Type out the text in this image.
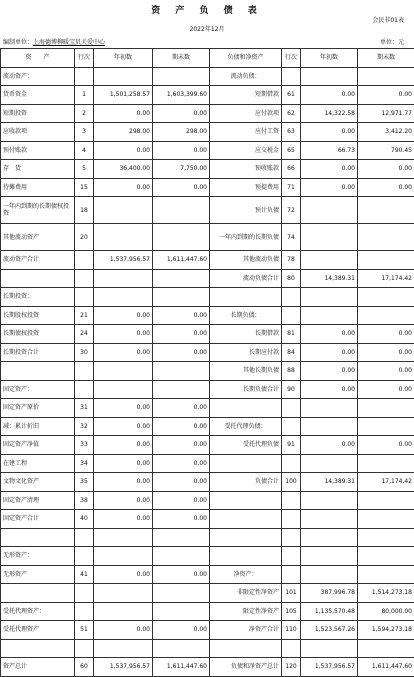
资 产 负 债 表
会民非01表
2022年12月
编制单位：上海德博柳暖宝贝关爱中心	单位：元
资　　产	行次	年初数	期末数	负债和净资产	行次	年初数	期末数
流动资产：				流动负债：			
货币资金	1	1,501,258.57	1,603,399.60	短期借款	61	0.00	0.00
短期投资	2	0.00	0.00	应付款项	62	14,322.58	12,971.77
应收款项	3	298.00	298.00	应付工资	63	0.00	3,412.20
预付账款	4	0.00	0.00	应交税金	65	66.73	790.45
存　货	5	36,400.00	7,750.00	预收账款	66	0.00	0.00
待摊费用	15	0.00	0.00	预提费用	71	0.00	0.00
一年内到期的长期债权投资	18			预计负债	72		
其他流动资产	20			一年内到期的长期负债	74		
流动资产合计		1,537,956.57	1,611,447.60	其他流动负债	78		
				流动负债合计	80	14,389.31	17,174.42
长期投资：							
长期股权投资	21	0.00	0.00	长期负债：			
长期债权投资	24	0.00	0.00	长期借款	81	0.00	0.00
长期投资合计	30	0.00	0.00	长期应付款	84	0.00	0.00
				其他长期负债	88	0.00	0.00
固定资产：				长期负债合计	90	0.00	0.00
固定资产原价	31	0.00	0.00				
减：累计折旧	32	0.00	0.00	受托代理负债：			
固定资产净值	33	0.00	0.00	受托代理负债	91	0.00	0.00
在建工程	34	0.00	0.00				
文物文化资产	35	0.00	0.00	负债合计	100	14,389.31	17,174.42
固定资产清理	38	0.00	0.00				
固定资产合计	40	0.00	0.00				

无形资产：							
无形资产	41	0.00	0.00	净资产：			
				非限定性净资产	101	387,996.78	1,514,273.18
受托代理资产：				限定性净资产	105	1,135,570.48	80,000.00
受托代理资产	51	0.00	0.00	净资产合计	110	1,523,567.26	1,594,273.18

资产总计	60	1,537,956.57	1,611,447.60	负债和净资产总计	120	1,537,956.57	1,611,447.60
